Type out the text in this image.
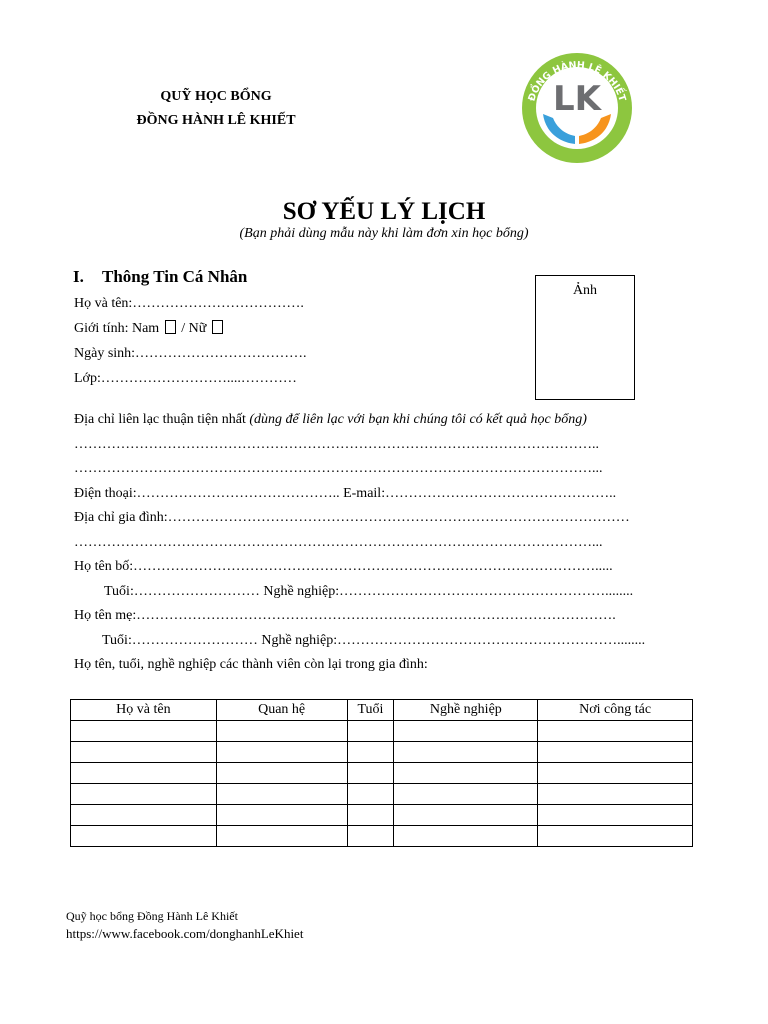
QUỸ HỌC BỔNG
ĐỒNG HÀNH LÊ KHIẾT
ĐỒNG HÀNH LÊ KHIẾT
LK
SƠ YẾU LÝ LỊCH
(Bạn phải dùng mẫu này khi làm đơn xin học bổng)
I. Thông Tin Cá Nhân
Ảnh
Họ và tên:……………………………….
Giới tính: Nam / Nữ
Ngày sinh:……………………………….
Lớp:………………………....…………
Địa chỉ liên lạc thuận tiện nhất (dùng để liên lạc với bạn khi chúng tôi có kết quả học bổng)
…………………………………………………………………………………………………..
…………………………………………………………………………………………………...
Điện thoại:…………………………………….. E-mail:…………………………………………..
Địa chỉ gia đình:………………………………………………………………………………………
…………………………………………………………………………………………………...
Họ tên bố:……………………………………………………………………………………….....
Tuổi:……………………… Nghề nghiệp:…………………………………………………........
Họ tên mẹ:………………………………………………………………………………………….
Tuổi:……………………… Nghề nghiệp:……………………………………………………........
Họ tên, tuổi, nghề nghiệp các thành viên còn lại trong gia đình:
Họ và tên	Quan hệ	Tuổi	Nghề nghiệp	Nơi công tác

Quỹ học bổng Đồng Hành Lê Khiết
https://www.facebook.com/donghanhLeKhiet
